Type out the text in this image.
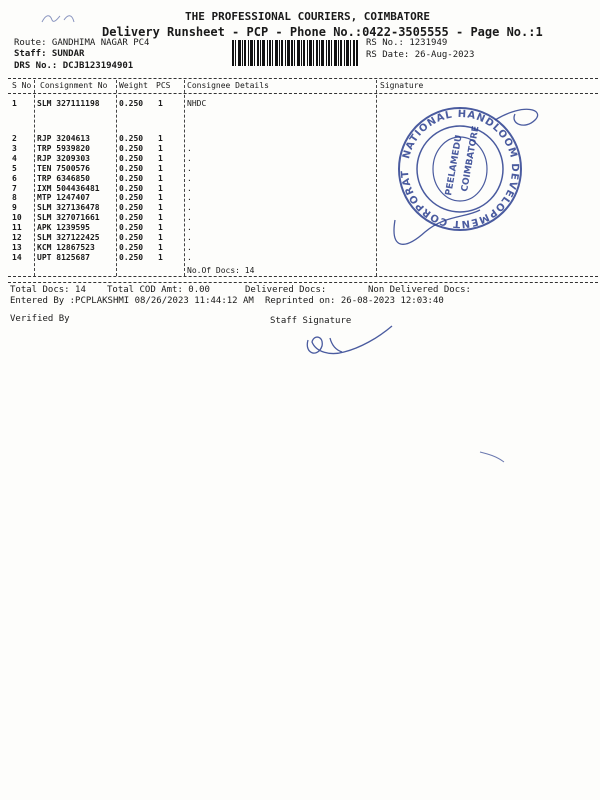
THE PROFESSIONAL COURIERS, COIMBATORE
Delivery Runsheet - PCP - Phone No.:0422-3505555 - Page No.:1
Route: GANDHIMA NAGAR PC4
Staff: SUNDAR
DRS No.: DCJB123194901
RS No.: 1231949
RS Date: 26-Aug-2023
S No Consignment No Weight PCS Consignee Details	Signature
1	SLM 327111198 0.250 1	NHDC
2	RJP 3204613	0.250 1
3	TRP 5939820	0.250 1	.
4	RJP 3209303	0.250 1	.
5	TEN 7500576	0.250 1	.
6	TRP 6346850	0.250 1	.
7	IXM 504436481 0.250 1	.
8	MTP 1247407	0.250 1	.
9	SLM 327136478 0.250 1	.
10 SLM 327071661 0.250 1	.
11 APK 1239595	0.250 1	.
12 SLM 327122425 0.250 1	.
13 KCM 12867523	0.250 1	.
14 UPT 8125687	0.250 1	.
No.Of Docs: 14
Total Docs: 14 Total COD Amt: 0.00	Delivered Docs:	Non Delivered Docs:
Entered By :PCPLAKSHMI 08/26/2023 11:44:12 AM Reprinted on: 26-08-2023 12:03:40
Verified By	Staff Signature
NATIONAL HANDLOOM DEVELOPMENT CORPORAT	PEELAMEDU
COIMBATORE
